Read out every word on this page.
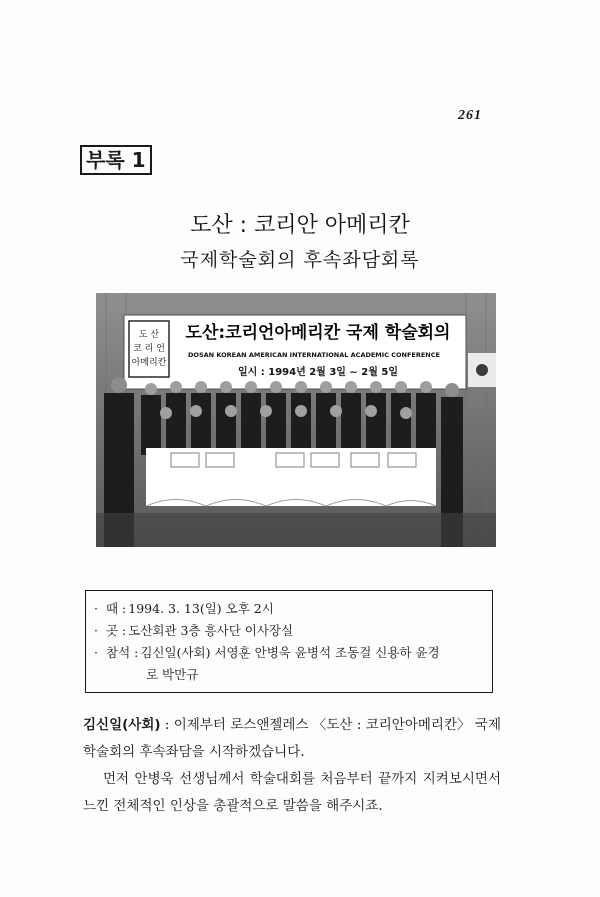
261
부록 1
도산 : 코리안 아메리칸
국제학술회의 후속좌담회록
도 산
코 리 언
아메리칸
도산:코리언아메리칸 국제 학술회의
DOSAN KOREAN AMERICAN INTERNATIONAL ACADEMIC CONFERENCE
일시 : 1994년 2월 3일 ~ 2월 5일
· 때 : 1994. 3. 13(일) 오후 2시
· 곳 : 도산회관 3층 흥사단 이사장실
· 참석 : 김신일(사회) 서영훈 안병욱 윤병석 조동걸 신용하 윤경
로 박만규

김신일(사회) : 이제부터 로스앤젤레스 〈도산 : 코리안아메리칸〉 국제학술회의 후속좌담을 시작하겠습니다.

먼저 안병욱 선생님께서 학술대회를 처음부터 끝까지 지켜보시면서 느낀 전체적인 인상을 총괄적으로 말씀을 해주시죠.
